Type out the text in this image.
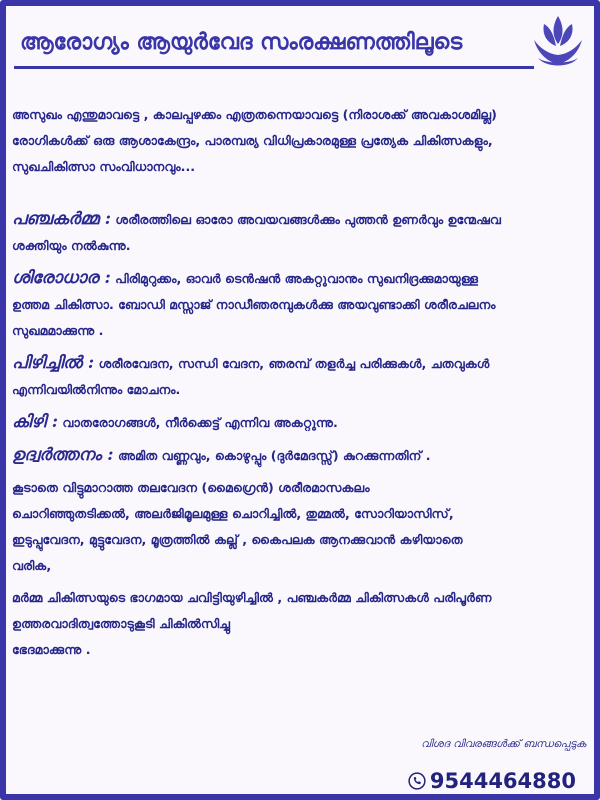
ആരോഗ്യം ആയുർവേദ സംരക്ഷണത്തിലൂടെ
അസുഖം എന്തുമാവട്ടെ , കാലപ്പഴക്കം എത്രതന്നെയാവട്ടെ (നിരാശക്ക് അവകാശമില്ല)
രോഗികൾക്ക് ഒരു ആശാകേന്ദ്രം, പാരമ്പര്യ വിധിപ്രകാരമുള്ള പ്രത്യേക ചികിത്സകളും,
സുഖചികിത്സാ സംവിധാനവും...
പഞ്ചകർമ്മ : ശരീരത്തിലെ ഓരോ അവയവങ്ങൾക്കും പുത്തൻ ഉണർവും ഉന്മേഷവ
ശക്തിയും നൽകുന്നു.
ശിരോധാര : പിരിമുറുക്കം, ഓവർ ടെൻഷൻ അകറ്റുവാനും സുഖനിദ്രക്കുമായുള്ള
ഉത്തമ ചികിത്സാ. ബോഡി മസ്സാജ് നാഡീഞരമ്പുകൾക്കു അയവുണ്ടാക്കി ശരീരചലനം
സുഖമമാക്കുന്നു .
പിഴിച്ചിൽ : ശരീരവേദന, സന്ധി വേദന, ഞരമ്പ് തളർച്ച പരിക്കുകൾ, ചതവുകൾ
എന്നിവയിൽനിന്നും മോചനം.
കിഴി : വാതരോഗങ്ങൾ, നീർക്കെട്ട് എന്നിവ അകറ്റുന്നു.
ഉദ്വർത്തനം : അമിത വണ്ണവും, കൊഴുപ്പും (ദുർമേദസ്സ്) കുറക്കുന്നതിന് .
കൂടാതെ വിട്ടുമാറാത്ത തലവേദന (മൈഗ്രെൻ) ശരീരമാസകലം
ചൊറിഞ്ഞുതടിക്കൽ, അലർജിമൂലമുള്ള ചൊറിച്ചിൽ, തുമ്മൽ, സോറിയാസിസ്,
ഇടുപ്പുവേദന, മുട്ടുവേദന, മൂത്രത്തിൽ കല്ല് , കൈപലക ആനക്കുവാൻ കഴിയാതെ
വരിക,
മർമ്മ ചികിത്സയുടെ ഭാഗമായ ചവിട്ടിയുഴിച്ചിൽ , പഞ്ചകർമ്മ ചികിത്സകൾ പരിപൂർണ
ഉത്തരവാദിത്വത്തോടുകൂടി ചികിൽസിച്ചു
ഭേദമാക്കുന്നു .
വിശദ വിവരങ്ങൾക്ക് ബന്ധപ്പെടുക
9544464880
